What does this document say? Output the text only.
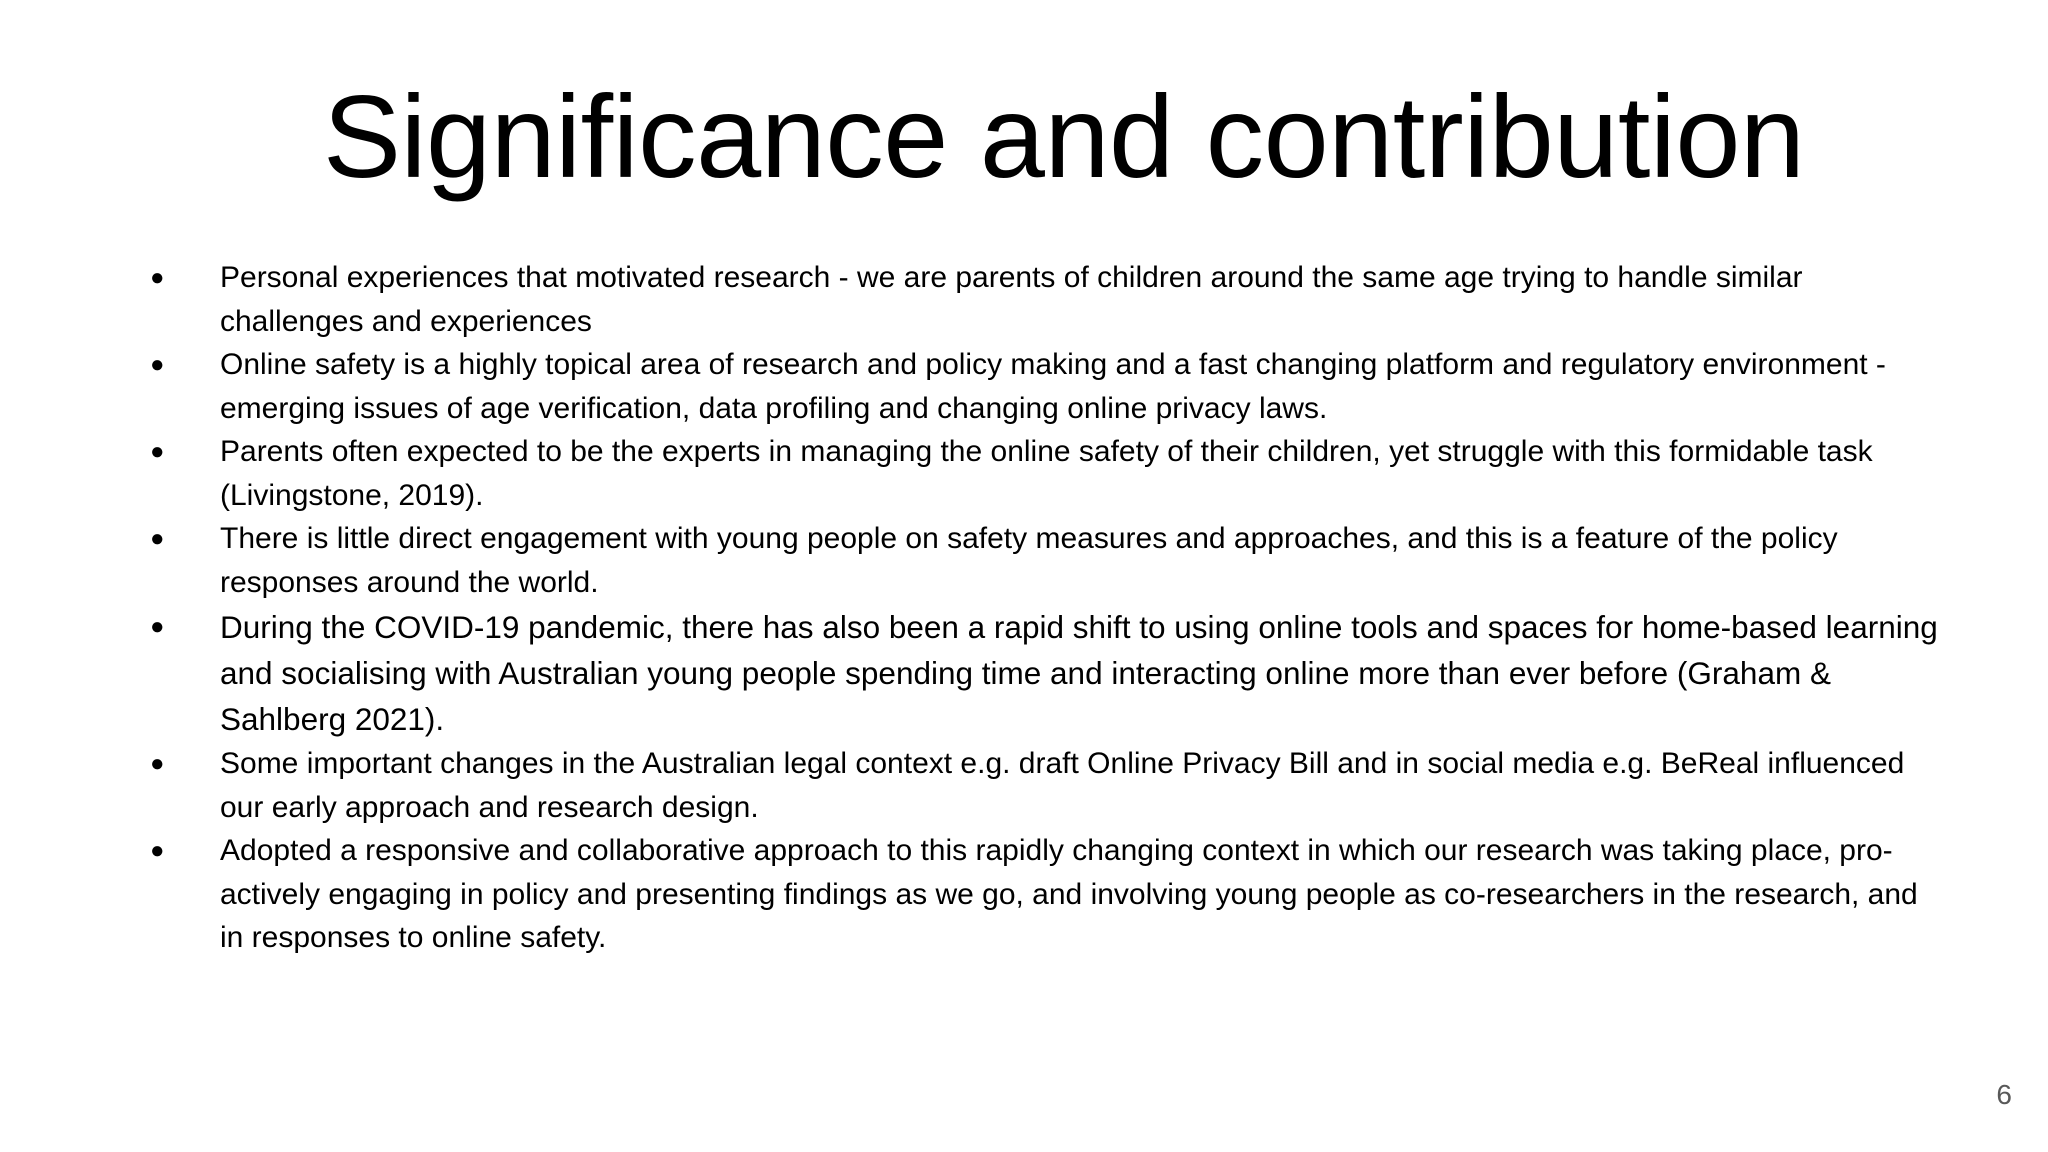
Significance and contribution
● Personal experiences that motivated research - we are parents of children around the same age trying to handle similar challenges and experiences
● Online safety is a highly topical area of research and policy making and a fast changing platform and regulatory environment - emerging issues of age verification, data profiling and changing online privacy laws.
● Parents often expected to be the experts in managing the online safety of their children, yet struggle with this formidable task (Livingstone, 2019).
● There is little direct engagement with young people on safety measures and approaches, and this is a feature of the policy responses around the world.
● During the COVID-19 pandemic, there has also been a rapid shift to using online tools and spaces for home-based learning and socialising with Australian young people spending time and interacting online more than ever before (Graham & Sahlberg 2021).
● Some important changes in the Australian legal context e.g. draft Online Privacy Bill and in social media e.g. BeReal influenced our early approach and research design.
● Adopted a responsive and collaborative approach to this rapidly changing context in which our research was taking place, pro-actively engaging in policy and presenting findings as we go, and involving young people as co-researchers in the research, and in responses to online safety.
6
